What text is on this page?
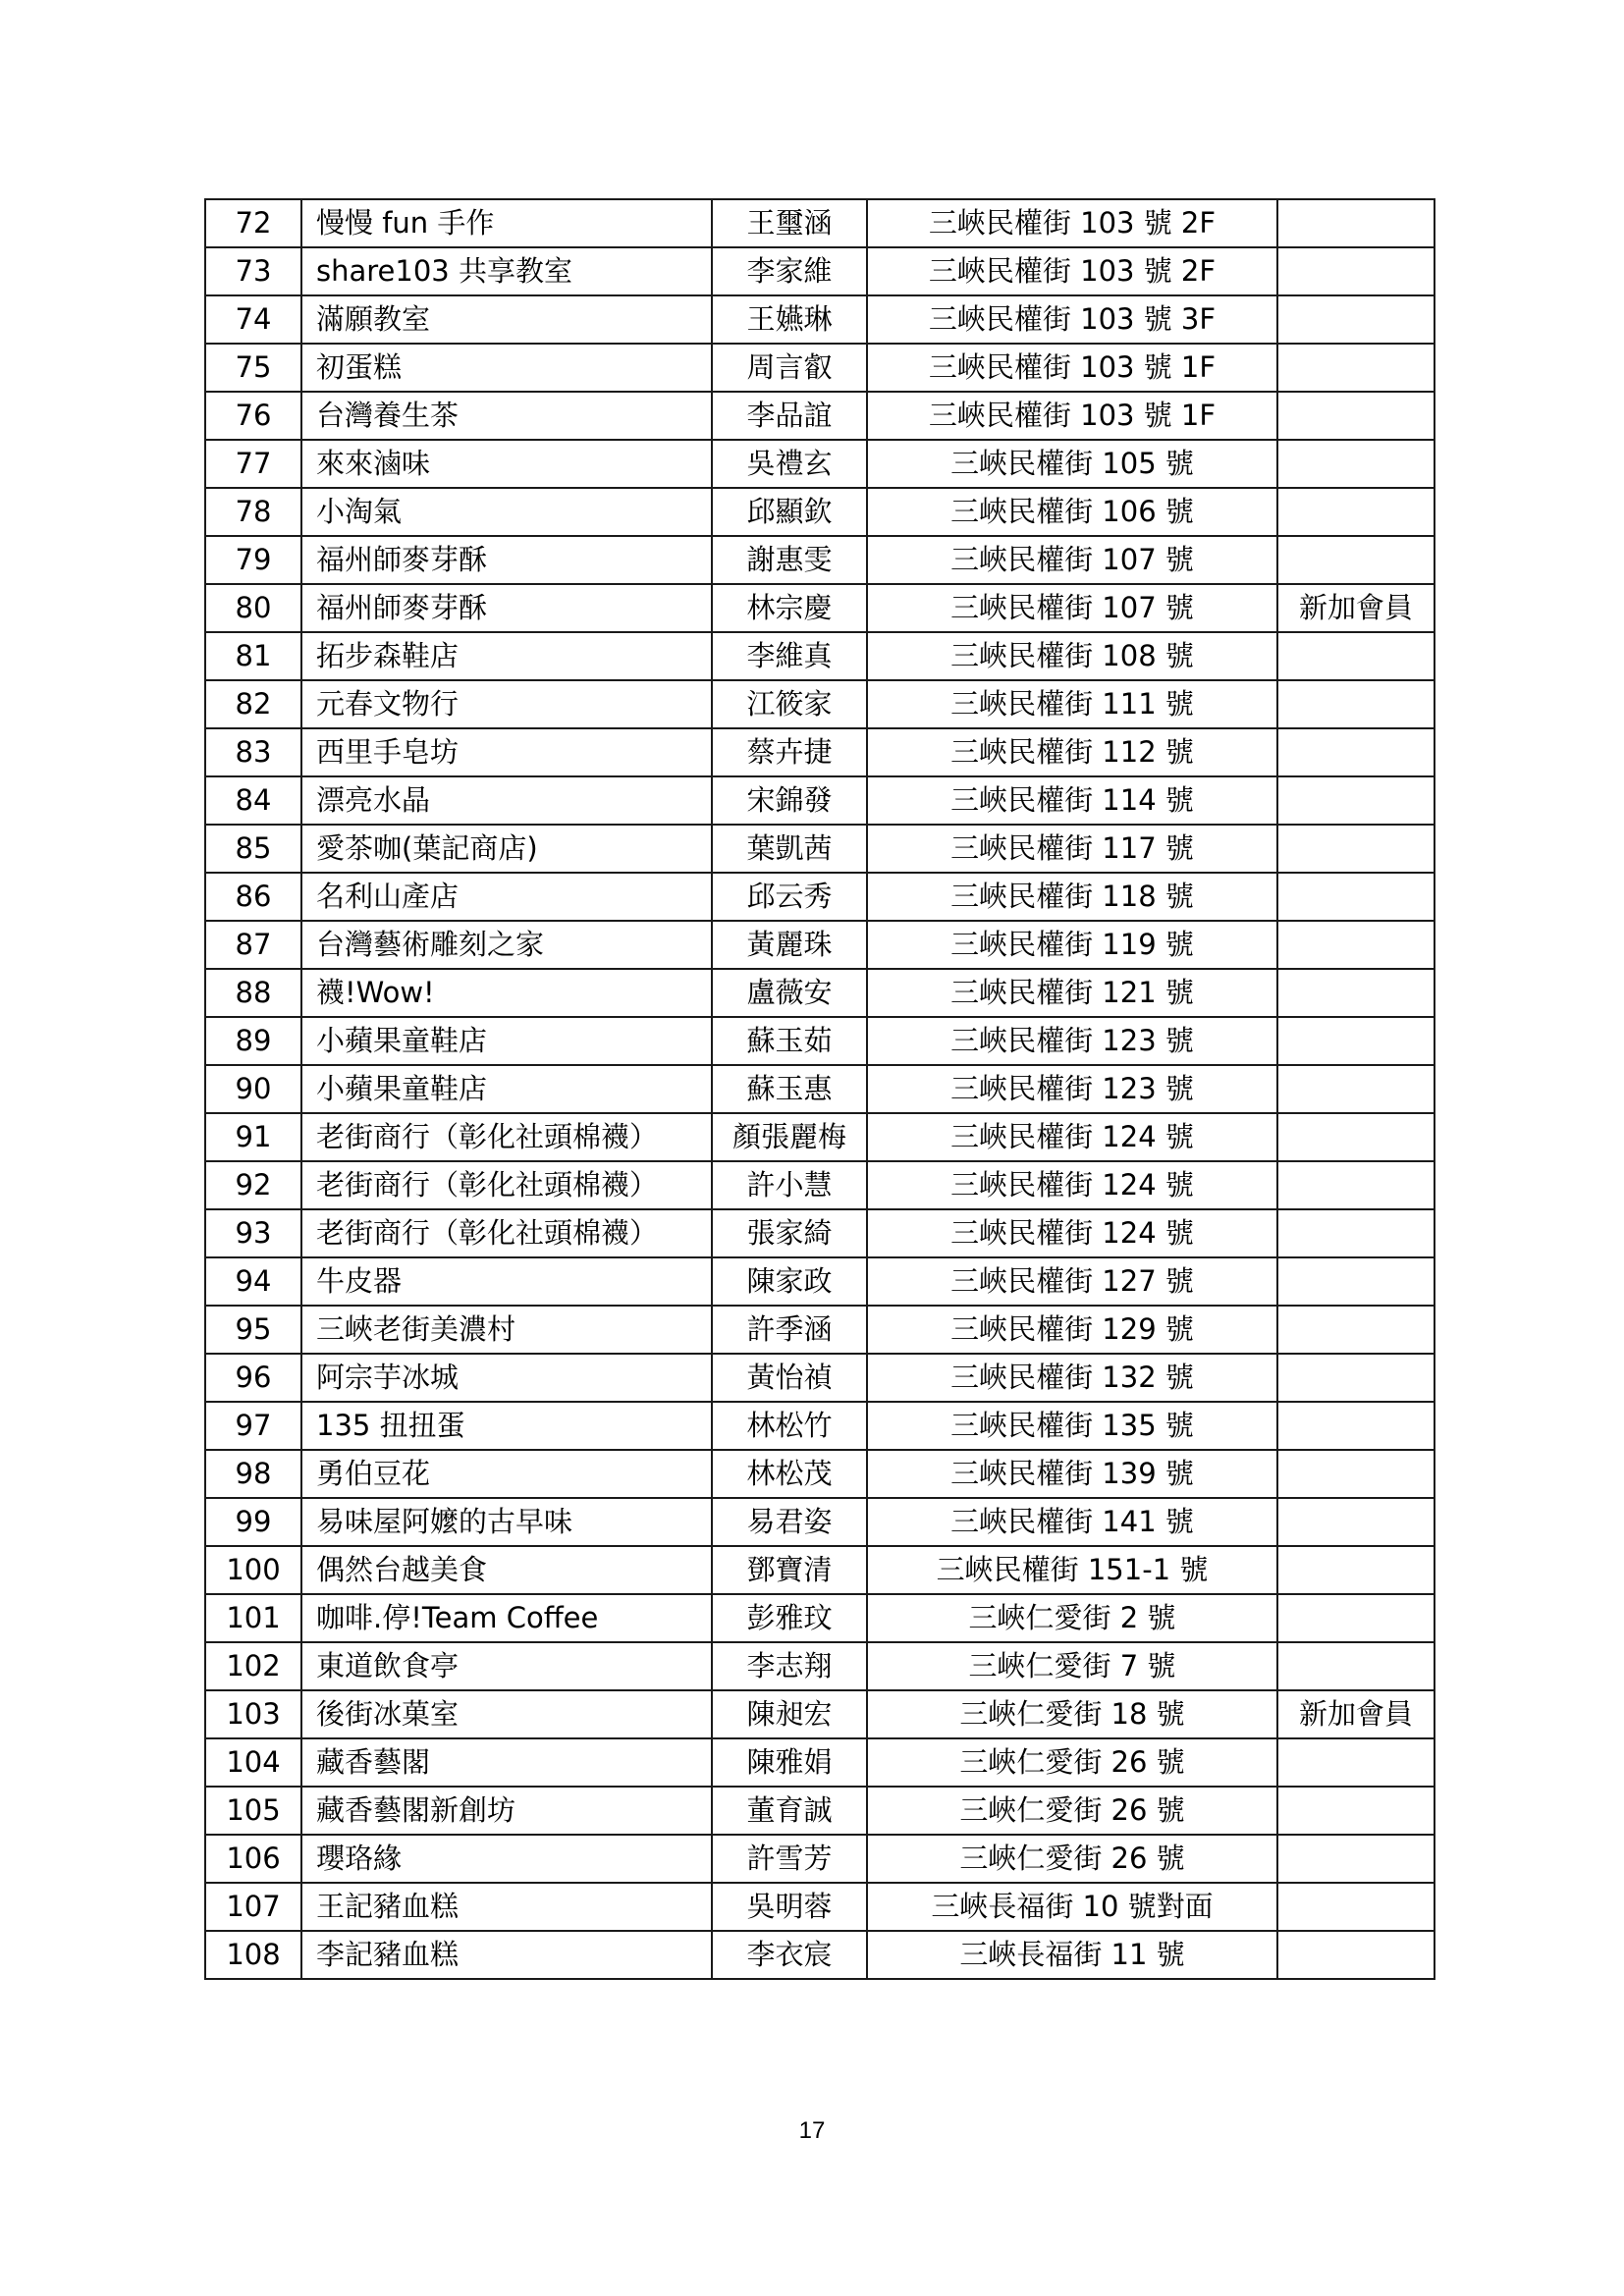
72	慢慢 fun 手作	王璽涵	三峽民權街 103 號 2F	
73	share103 共享教室	李家維	三峽民權街 103 號 2F	
74	滿願教室	王嬿琳	三峽民權街 103 號 3F	
75	初蛋糕	周言叡	三峽民權街 103 號 1F	
76	台灣養生茶	李品誼	三峽民權街 103 號 1F	
77	來來滷味	吳禮玄	三峽民權街 105 號	
78	小淘氣	邱顯欽	三峽民權街 106 號	
79	福州師麥芽酥	謝惠雯	三峽民權街 107 號	
80	福州師麥芽酥	林宗慶	三峽民權街 107 號	新加會員
81	拓步森鞋店	李維真	三峽民權街 108 號	
82	元春文物行	江筱家	三峽民權街 111 號	
83	西里手皂坊	蔡卉捷	三峽民權街 112 號	
84	漂亮水晶	宋錦發	三峽民權街 114 號	
85	愛茶咖(葉記商店)	葉凱茜	三峽民權街 117 號	
86	名利山產店	邱云秀	三峽民權街 118 號	
87	台灣藝術雕刻之家	黃麗珠	三峽民權街 119 號	
88	襪!Wow!	盧薇安	三峽民權街 121 號	
89	小蘋果童鞋店	蘇玉茹	三峽民權街 123 號	
90	小蘋果童鞋店	蘇玉惠	三峽民權街 123 號	
91	老街商行（彰化社頭棉襪）	顏張麗梅	三峽民權街 124 號	
92	老街商行（彰化社頭棉襪）	許小慧	三峽民權街 124 號	
93	老街商行（彰化社頭棉襪）	張家綺	三峽民權街 124 號	
94	牛皮器	陳家政	三峽民權街 127 號	
95	三峽老街美濃村	許季涵	三峽民權街 129 號	
96	阿宗芋冰城	黃怡禎	三峽民權街 132 號	
97	135 扭扭蛋	林松竹	三峽民權街 135 號	
98	勇伯豆花	林松茂	三峽民權街 139 號	
99	易味屋阿嬤的古早味	易君姿	三峽民權街 141 號	
100	偶然台越美食	鄧寶清	三峽民權街 151-1 號	
101	咖啡.停!Team Coffee	彭雅玟	三峽仁愛街 2 號	
102	東道飲食亭	李志翔	三峽仁愛街 7 號	
103	後街冰菓室	陳昶宏	三峽仁愛街 18 號	新加會員
104	藏香藝閣	陳雅娟	三峽仁愛街 26 號	
105	藏香藝閣新創坊	董育誠	三峽仁愛街 26 號	
106	瓔珞緣	許雪芳	三峽仁愛街 26 號	
107	王記豬血糕	吳明蓉	三峽長福街 10 號對面	
108	李記豬血糕	李衣宸	三峽長福街 11 號	
17
